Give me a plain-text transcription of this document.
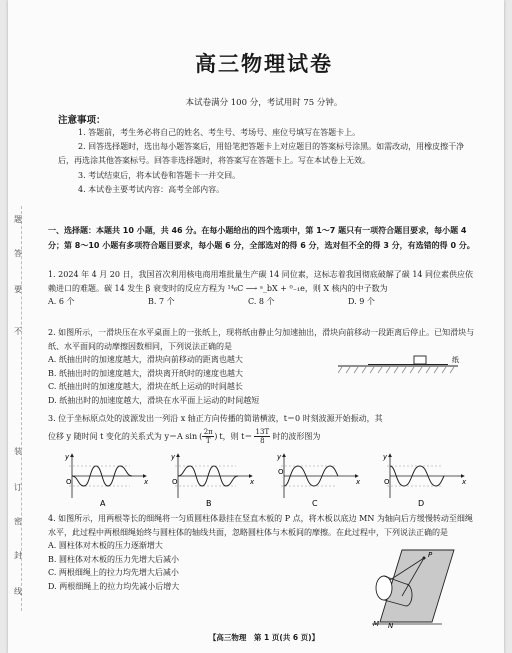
线
封
密
订
装
不
要
答
题
高三物理试卷
本试卷满分 100 分，考试用时 75 分钟。
注意事项：

1. 答题前，考生务必将自己的姓名、考生号、考场号、座位号填写在答题卡上。

2. 回答选择题时，选出每小题答案后，用铅笔把答题卡上对应题目的答案标号涂黑。如需改动，用橡皮擦干净后，再选涂其他答案标号。回答非选择题时，将答案写在答题卡上。写在本试卷上无效。

3. 考试结束后，将本试卷和答题卡一并交回。

4. 本试卷主要考试内容：高考全部内容。

一、选择题：本题共 10 小题，共 46 分。在每小题给出的四个选项中，第 1～7 题只有一项符合题目要求，每小题 4 分；第 8～10 小题有多项符合题目要求，每小题 6 分，全部选对的得 6 分，选对但不全的得 3 分，有选错的得 0 分。

1. 2024 年 4 月 20 日，我国首次利用核电商用堆批量生产碳 14 同位素，这标志着我国彻底破解了碳 14 同位素供应依赖进口的难题。碳 14 发生 β 衰变时的反应方程为 ¹⁴₆C ⟶ ᵃ_bX + ⁰₋₁e，则 X 核内的中子数为

A. 6 个	B. 7 个	C. 8 个	D. 9 个

2. 如图所示，一滑块压在水平桌面上的一张纸上，现将纸由静止匀加速抽出，滑块向前移动一段距离后停止。已知滑块与纸、水平面间的动摩擦因数相同，下列说法正确的是

A. 纸抽出时的加速度越大，滑块向前移动的距离也越大

B. 纸抽出时的加速度越大，滑块离开纸时的速度也越大

C. 纸抽出时的加速度越大，滑块在纸上运动的时间越长

D. 纸抽出时的加速度越大，滑块在水平面上运动的时间越短

纸

3. 位于坐标原点处的波源发出一列沿 x 轴正方向传播的简谐横波，t＝0 时刻波源开始振动，其

位移 y 随时间 t 变化的关系式为 y＝A sin ( $\frac{2\pi}{T}$ ) t，则 $t= \frac{13T}{8}$ 时的波形图为

y
x
O
A
y
x
O
B
y
x
O
C
y
x
O
D

4. 如图所示，用两根等长的细绳将一匀质圆柱体悬挂在竖直木板的 P 点，将木板以底边 MN 为轴向后方缓慢转动至细绳水平，此过程中两根细绳始终与圆柱体的轴线共面，忽略圆柱体与木板间的摩擦。在此过程中，下列说法正确的是

A. 圆柱体对木板的压力逐渐增大

B. 圆柱体对木板的压力先增大后减小

C. 两根细绳上的拉力均先增大后减小

D. 两根细绳上的拉力均先减小后增大

P
M N
【高三物理　第 1 页(共 6 页)】
